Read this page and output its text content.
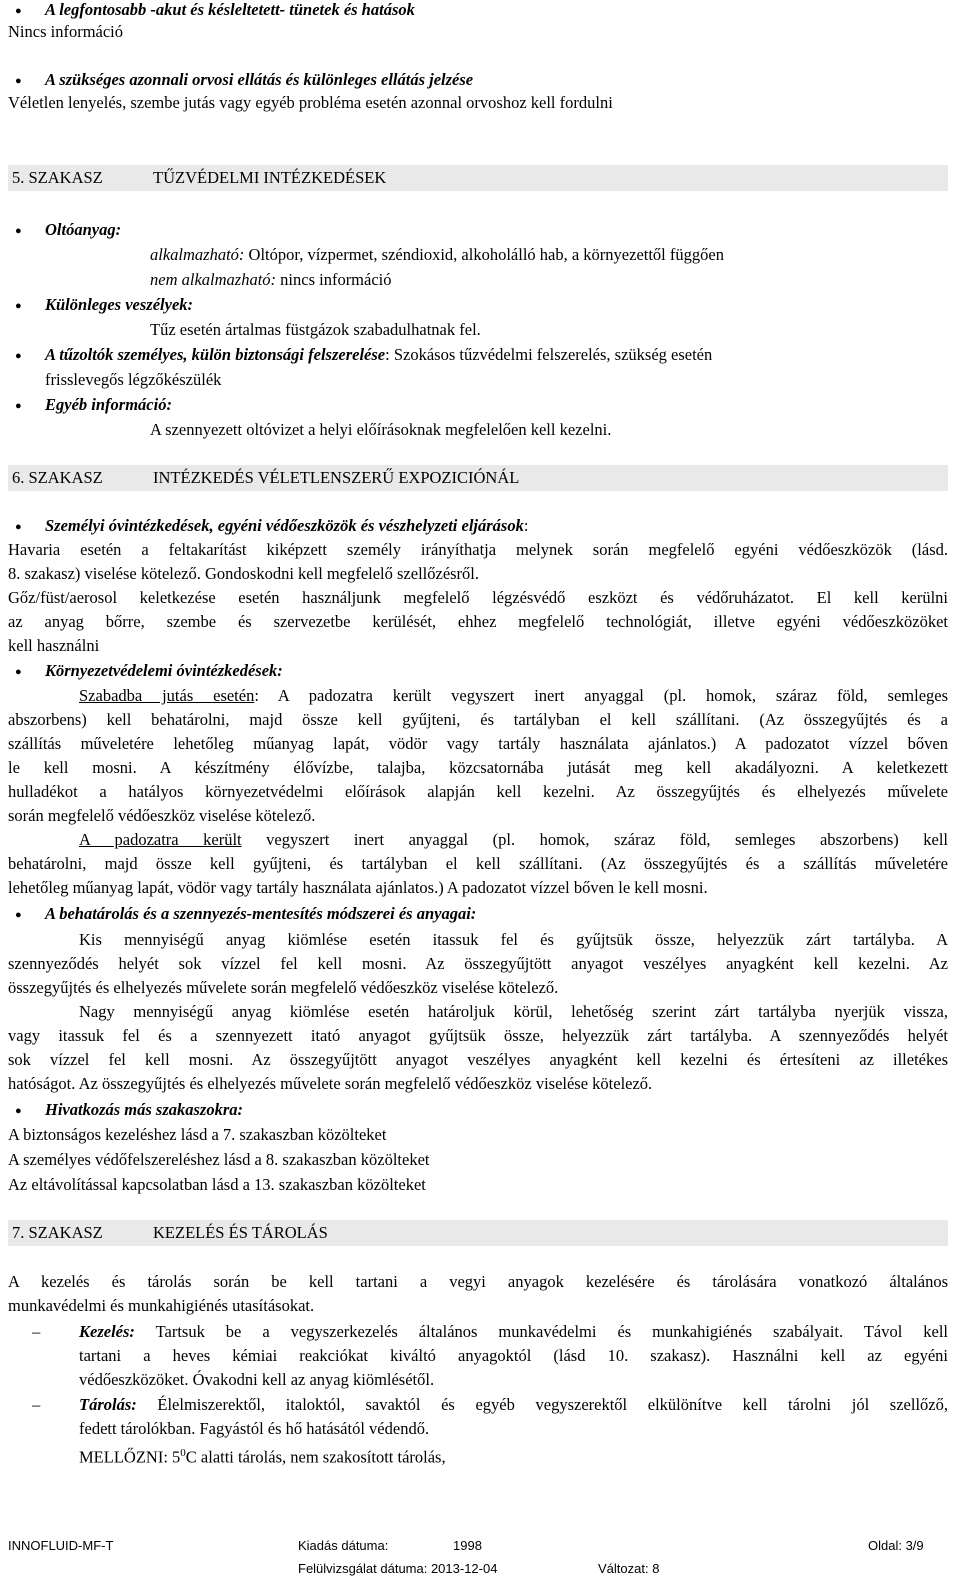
● A legfontosabb -akut és késleltetett- tünetek és hatások
Nincs információ
● A szükséges azonnali orvosi ellátás és különleges ellátás jelzése
Véletlen lenyelés, szembe jutás vagy egyéb probléma esetén azonnal orvoshoz kell fordulni
5. SZAKASZ	TŰZVÉDELMI INTÉZKEDÉSEK
● Oltóanyag:
alkalmazható: Oltópor, vízpermet, széndioxid, alkoholálló hab, a környezettől függően
nem alkalmazható: nincs információ
● Különleges veszélyek:
Tűz esetén ártalmas füstgázok szabadulhatnak fel.
● A tűzoltók személyes, külön biztonsági felszerelése: Szokásos tűzvédelmi felszerelés, szükség esetén
frisslevegős légzőkészülék
● Egyéb információ:
A szennyezett oltóvizet a helyi előírásoknak megfelelően kell kezelni.
6. SZAKASZ	INTÉZKEDÉS VÉLETLENSZERŰ EXPOZICIÓNÁL
● Személyi óvintézkedések, egyéni védőeszközök és vészhelyzeti eljárások:
Havaria esetén a feltakarítást kiképzett személy irányíthatja melynek során megfelelő egyéni védőeszközök (lásd.
8. szakasz) viselése kötelező. Gondoskodni kell megfelelő szellőzésről.
Gőz/füst/aerosol keletkezése esetén használjunk megfelelő légzésvédő eszközt és védőruházatot. El kell kerülni
az anyag bőrre, szembe és szervezetbe kerülését, ehhez megfelelő technológiát, illetve egyéni védőeszközöket
kell használni
● Környezetvédelemi óvintézkedések:
Szabadba jutás esetén: A padozatra került vegyszert inert anyaggal (pl. homok, száraz föld, semleges
abszorbens) kell behatárolni, majd össze kell gyűjteni, és tartályban el kell szállítani. (Az összegyűjtés és a
szállítás műveletére lehetőleg műanyag lapát, vödör vagy tartály használata ajánlatos.) A padozatot vízzel bőven
le kell mosni. A készítmény élővízbe, talajba, közcsatornába jutását meg kell akadályozni. A keletkezett
hulladékot a hatályos környezetvédelmi előírások alapján kell kezelni. Az összegyűjtés és elhelyezés művelete
során megfelelő védőeszköz viselése kötelező.
A padozatra került vegyszert inert anyaggal (pl. homok, száraz föld, semleges abszorbens) kell
behatárolni, majd össze kell gyűjteni, és tartályban el kell szállítani. (Az összegyűjtés és a szállítás műveletére
lehetőleg műanyag lapát, vödör vagy tartály használata ajánlatos.) A padozatot vízzel bőven le kell mosni.
● A behatárolás és a szennyezés-mentesítés módszerei és anyagai:
Kis mennyiségű anyag kiömlése esetén itassuk fel és gyűjtsük össze, helyezzük zárt tartályba. A
szennyeződés helyét sok vízzel fel kell mosni. Az összegyűjtött anyagot veszélyes anyagként kell kezelni. Az
összegyűjtés és elhelyezés művelete során megfelelő védőeszköz viselése kötelező.
Nagy mennyiségű anyag kiömlése esetén határoljuk körül, lehetőség szerint zárt tartályba nyerjük vissza,
vagy itassuk fel és a szennyezett itató anyagot gyűjtsük össze, helyezzük zárt tartályba. A szennyeződés helyét
sok vízzel fel kell mosni. Az összegyűjtött anyagot veszélyes anyagként kell kezelni és értesíteni az illetékes
hatóságot. Az összegyűjtés és elhelyezés művelete során megfelelő védőeszköz viselése kötelező.
● Hivatkozás más szakaszokra:
A biztonságos kezeléshez lásd a 7. szakaszban közölteket
A személyes védőfelszereléshez lásd a 8. szakaszban közölteket
Az eltávolítással kapcsolatban lásd a 13. szakaszban közölteket
7. SZAKASZ	KEZELÉS ÉS TÁROLÁS
A kezelés és tárolás során be kell tartani a vegyi anyagok kezelésére és tárolására vonatkozó általános
munkavédelmi és munkahigiénés utasításokat.
– Kezelés: Tartsuk be a vegyszerkezelés általános munkavédelmi és munkahigiénés szabályait. Távol kell
tartani a heves kémiai reakciókat kiváltó anyagoktól (lásd 10. szakasz). Használni kell az egyéni
védőeszközöket. Óvakodni kell az anyag kiömlésétől.
– Tárolás: Élelmiszerektől, italoktól, savaktól és egyéb vegyszerektől elkülönítve kell tárolni jól szellőző,
fedett tárolókban. Fagyástól és hő hatásától védendő.
MELLŐZNI: $5^0C$ alatti tárolás, nem szakosított tárolás,
INNOFLUID-MF-T	Kiadás dátuma:	1998	Oldal: 3/9
Felülvizsgálat dátuma: 2013-12-04	Változat: 8
